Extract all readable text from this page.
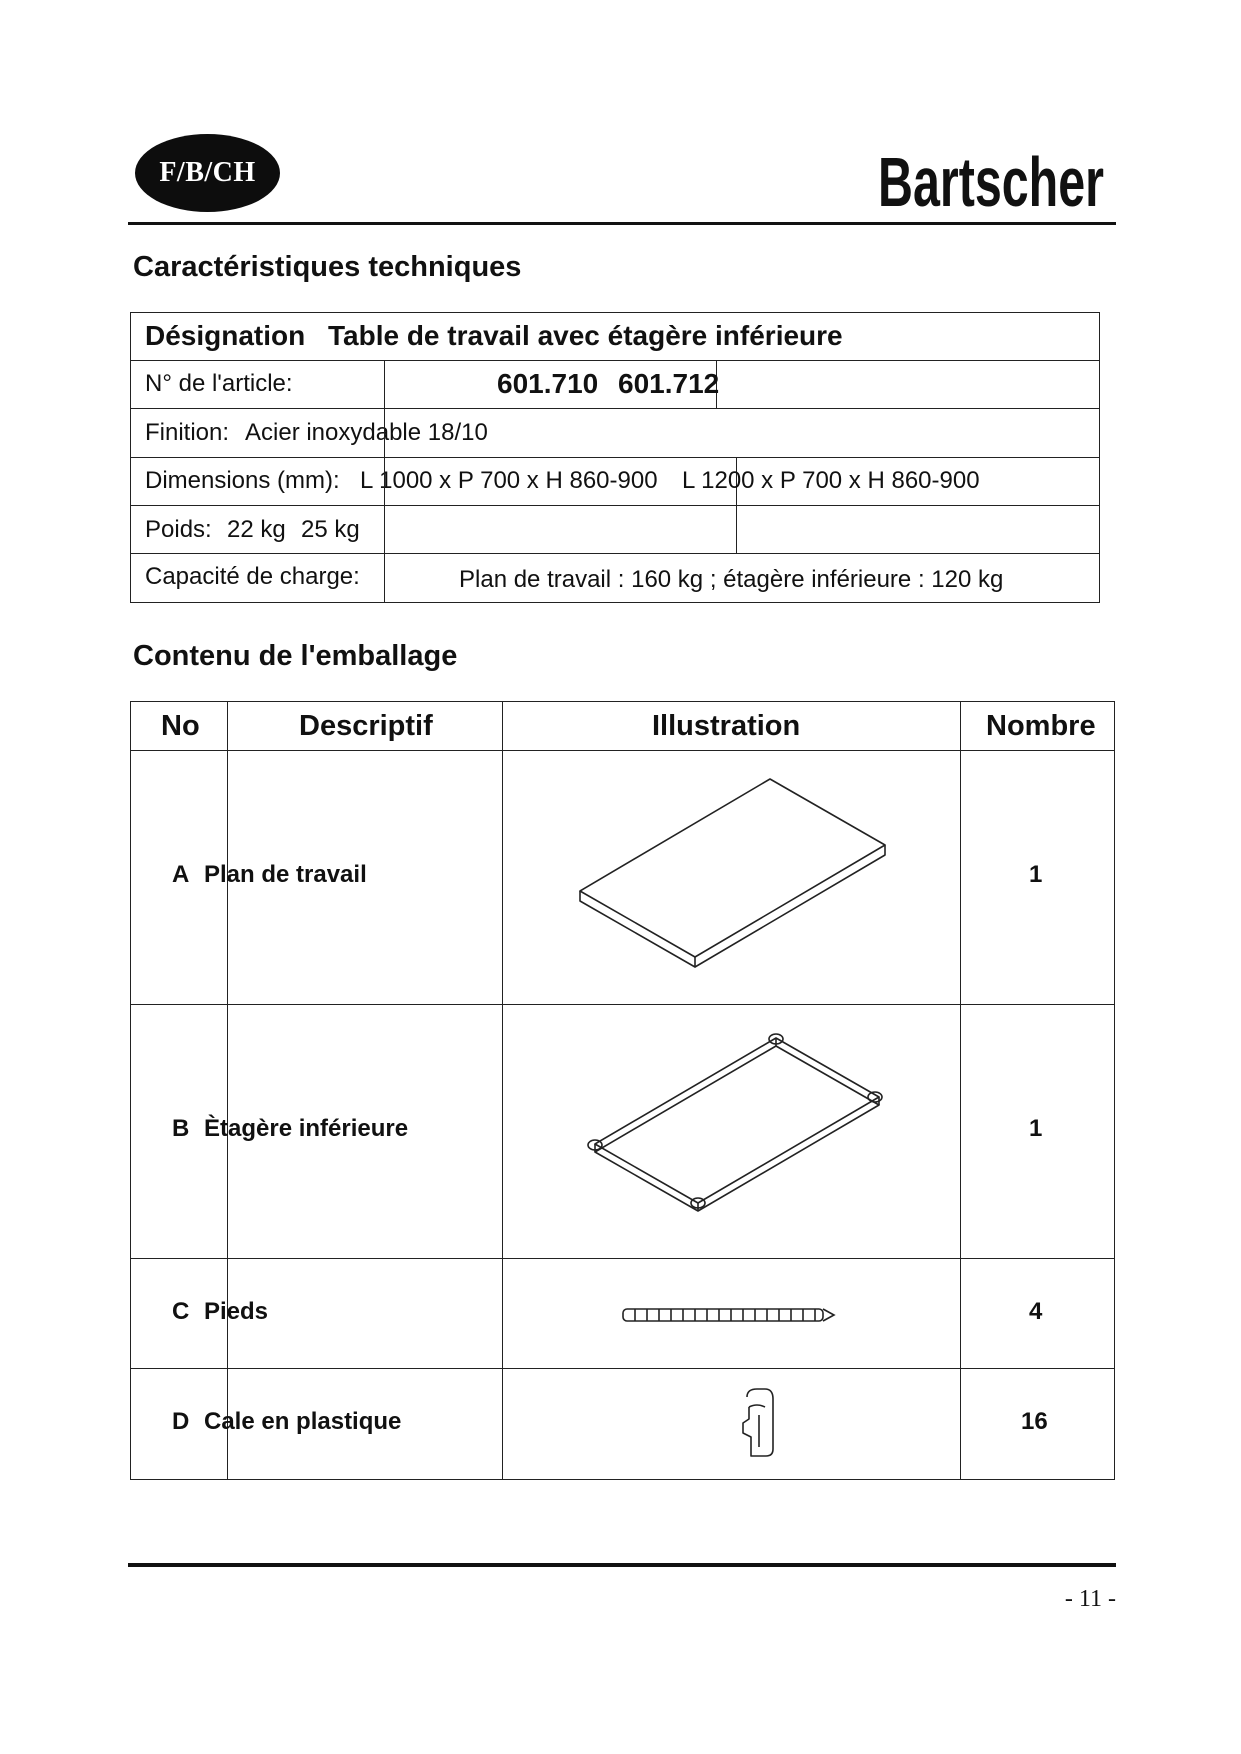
F/B/CH	Bartscher
Caractéristiques techniques
Désignation Table de travail avec étagère inférieure
N° de l'article:	601.710 601.712
Finition: Acier inoxydable 18/10
Dimensions (mm): L 1000 x P 700 x H 860-900 L 1200 x P 700 x H 860-900
Poids: 22 kg 25 kg
Capacité de charge:	Plan de travail : 160 kg ; étagère inférieure : 120 kg
Contenu de l'emballage
No	Descriptif	Illustration	Nombre
A Plan de travail	1
B Ètagère inférieure	1
C Pieds	4
D Cale en plastique	16
- 11 -
